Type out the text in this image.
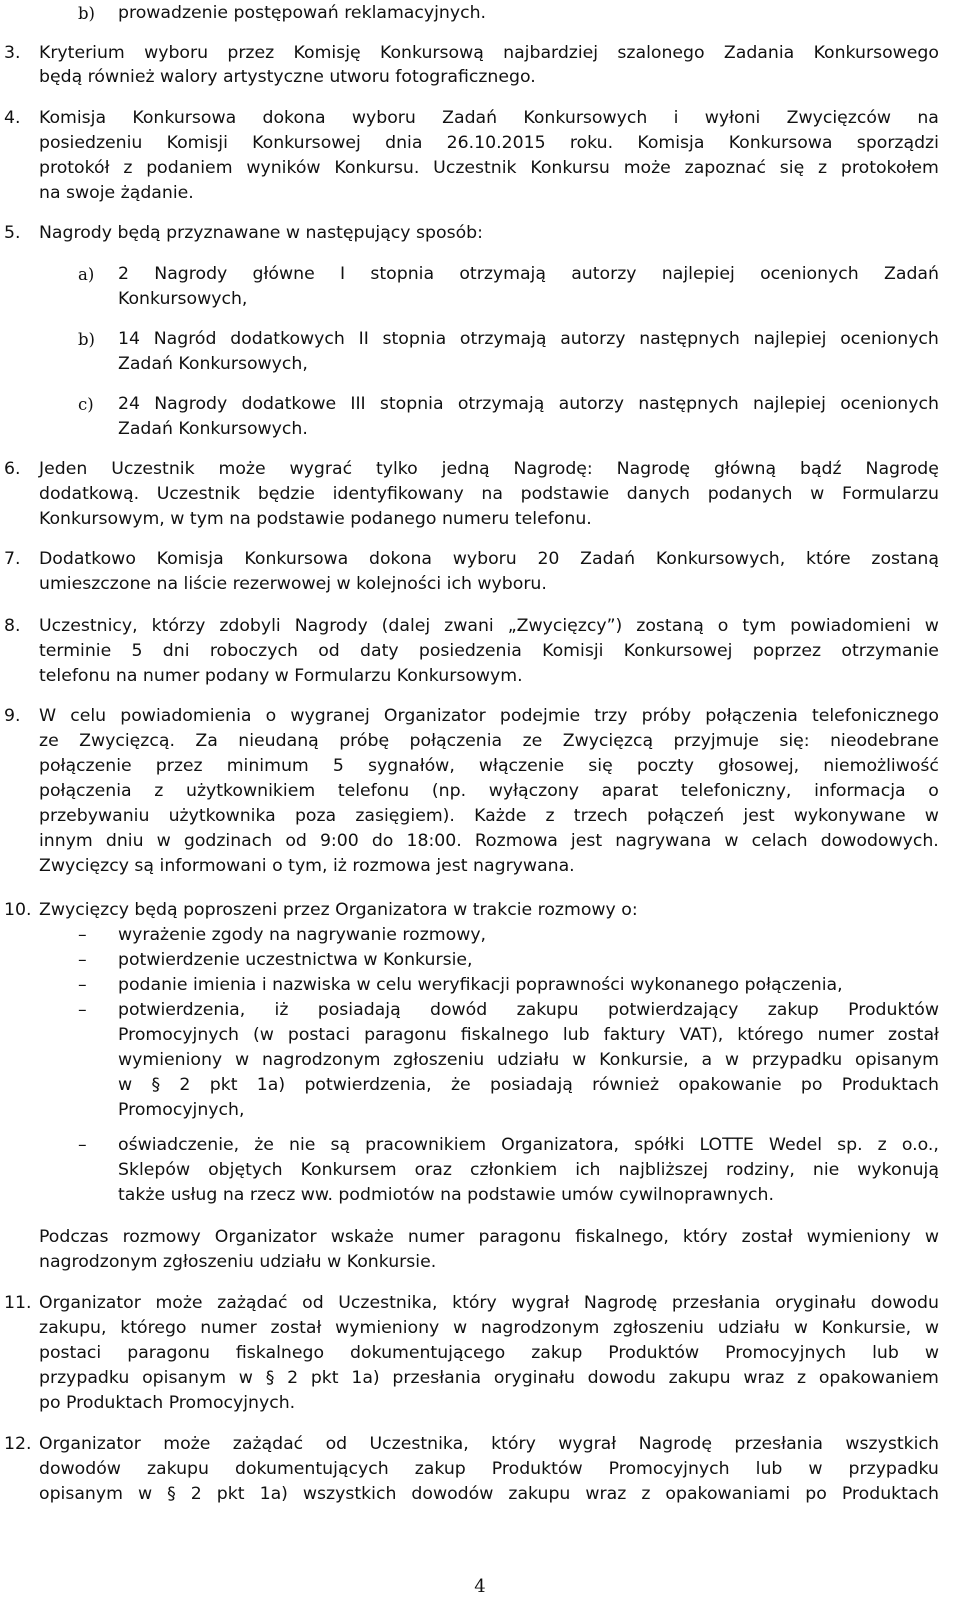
b) prowadzenie postępowań reklamacyjnych.
3.	Kryterium wyboru przez Komisję Konkursową najbardziej szalonego Zadania Konkursowego
będą również walory artystyczne utworu fotograficznego.
4.	Komisja Konkursowa dokona wyboru Zadań Konkursowych i wyłoni Zwycięzców na
posiedzeniu Komisji Konkursowej dnia 26.10.2015 roku. Komisja Konkursowa sporządzi
protokół z podaniem wyników Konkursu. Uczestnik Konkursu może zapoznać się z protokołem
na swoje żądanie.
5.	Nagrody będą przyznawane w następujący sposób:
a) 2 Nagrody główne I stopnia otrzymają autorzy najlepiej ocenionych Zadań
Konkursowych,
b) 14 Nagród dodatkowych II stopnia otrzymają autorzy następnych najlepiej ocenionych
Zadań Konkursowych,
c) 24 Nagrody dodatkowe III stopnia otrzymają autorzy następnych najlepiej ocenionych
Zadań Konkursowych.
6.	Jeden Uczestnik może wygrać tylko jedną Nagrodę: Nagrodę główną bądź Nagrodę
dodatkową. Uczestnik będzie identyfikowany na podstawie danych podanych w Formularzu
Konkursowym, w tym na podstawie podanego numeru telefonu.
7.	Dodatkowo Komisja Konkursowa dokona wyboru 20 Zadań Konkursowych, które zostaną
umieszczone na liście rezerwowej w kolejności ich wyboru.
8.	Uczestnicy, którzy zdobyli Nagrody (dalej zwani „Zwycięzcy”) zostaną o tym powiadomieni w
terminie 5 dni roboczych od daty posiedzenia Komisji Konkursowej poprzez otrzymanie
telefonu na numer podany w Formularzu Konkursowym.
9.	W celu powiadomienia o wygranej Organizator podejmie trzy próby połączenia telefonicznego
ze Zwycięzcą. Za nieudaną próbę połączenia ze Zwycięzcą przyjmuje się: nieodebrane
połączenie przez minimum 5 sygnałów, włączenie się poczty głosowej, niemożliwość
połączenia z użytkownikiem telefonu (np. wyłączony aparat telefoniczny, informacja o
przebywaniu użytkownika poza zasięgiem). Każde z trzech połączeń jest wykonywane w
innym dniu w godzinach od 9:00 do 18:00. Rozmowa jest nagrywana w celach dowodowych.
Zwycięzcy są informowani o tym, iż rozmowa jest nagrywana.
10. Zwycięzcy będą poproszeni przez Organizatora w trakcie rozmowy o:
– wyrażenie zgody na nagrywanie rozmowy,
– potwierdzenie uczestnictwa w Konkursie,
– podanie imienia i nazwiska w celu weryfikacji poprawności wykonanego połączenia,
– potwierdzenia, iż posiadają dowód zakupu potwierdzający zakup Produktów
Promocyjnych (w postaci paragonu fiskalnego lub faktury VAT), którego numer został
wymieniony w nagrodzonym zgłoszeniu udziału w Konkursie, a w przypadku opisanym
w § 2 pkt 1a) potwierdzenia, że posiadają również opakowanie po Produktach
Promocyjnych,
– oświadczenie, że nie są pracownikiem Organizatora, spółki LOTTE Wedel sp. z o.o.,
Sklepów objętych Konkursem oraz członkiem ich najbliższej rodziny, nie wykonują
także usług na rzecz ww. podmiotów na podstawie umów cywilnoprawnych.
Podczas rozmowy Organizator wskaże numer paragonu fiskalnego, który został wymieniony w
nagrodzonym zgłoszeniu udziału w Konkursie.
11. Organizator może zażądać od Uczestnika, który wygrał Nagrodę przesłania oryginału dowodu
zakupu, którego numer został wymieniony w nagrodzonym zgłoszeniu udziału w Konkursie, w
postaci paragonu fiskalnego dokumentującego zakup Produktów Promocyjnych lub w
przypadku opisanym w § 2 pkt 1a) przesłania oryginału dowodu zakupu wraz z opakowaniem
po Produktach Promocyjnych.
12. Organizator może zażądać od Uczestnika, który wygrał Nagrodę przesłania wszystkich
dowodów zakupu dokumentujących zakup Produktów Promocyjnych lub w przypadku
opisanym w § 2 pkt 1a) wszystkich dowodów zakupu wraz z opakowaniami po Produktach
4
